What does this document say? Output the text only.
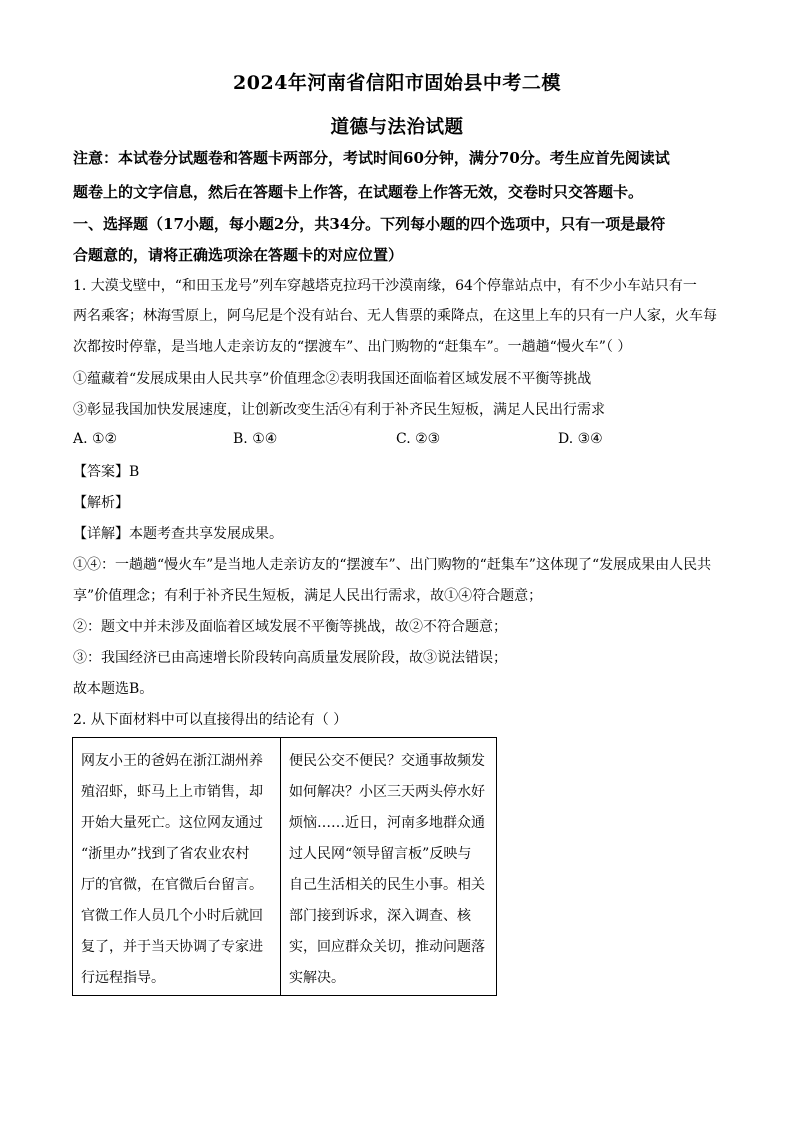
2024年河南省信阳市固始县中考二模
道德与法治试题
注意：本试卷分试题卷和答题卡两部分，考试时间60分钟，满分70分。考生应首先阅读试
题卷上的文字信息，然后在答题卡上作答，在试题卷上作答无效，交卷时只交答题卡。
一、选择题（17小题，每小题2分，共34分。下列每小题的四个选项中，只有一项是最符
合题意的，请将正确选项涂在答题卡的对应位置）
1. 大漠戈壁中，“和田玉龙号”列车穿越塔克拉玛干沙漠南缘，64个停靠站点中，有不少小车站只有一
两名乘客；林海雪原上，阿乌尼是个没有站台、无人售票的乘降点，在这里上车的只有一户人家，火车每
次都按时停靠，是当地人走亲访友的“摆渡车”、出门购物的“赶集车”。一趟趟“慢火车”（ ）
①蕴藏着“发展成果由人民共享”价值理念②表明我国还面临着区域发展不平衡等挑战
③彰显我国加快发展速度，让创新改变生活④有利于补齐民生短板，满足人民出行需求
A. ①②	B. ①④	C. ②③	D. ③④
【答案】B
【解析】
【详解】本题考查共享发展成果。
①④：一趟趟“慢火车”是当地人走亲访友的“摆渡车”、出门购物的“赶集车”这体现了“发展成果由人民共
享”价值理念；有利于补齐民生短板，满足人民出行需求，故①④符合题意；
②：题文中并未涉及面临着区域发展不平衡等挑战，故②不符合题意；
③：我国经济已由高速增长阶段转向高质量发展阶段，故③说法错误；
故本题选B。
2. 从下面材料中可以直接得出的结论有（ ）
网友小王的爸妈在浙江湖州养
殖沼虾，虾马上上市销售，却
开始大量死亡。这位网友通过
“浙里办”找到了省农业农村
厅的官微，在官微后台留言。
官微工作人员几个小时后就回
复了，并于当天协调了专家进
行远程指导。
便民公交不便民？交通事故频发
如何解决？小区三天两头停水好
烦恼……近日，河南多地群众通
过人民网“领导留言板”反映与
自己生活相关的民生小事。相关
部门接到诉求，深入调查、核
实，回应群众关切，推动问题落
实解决。
